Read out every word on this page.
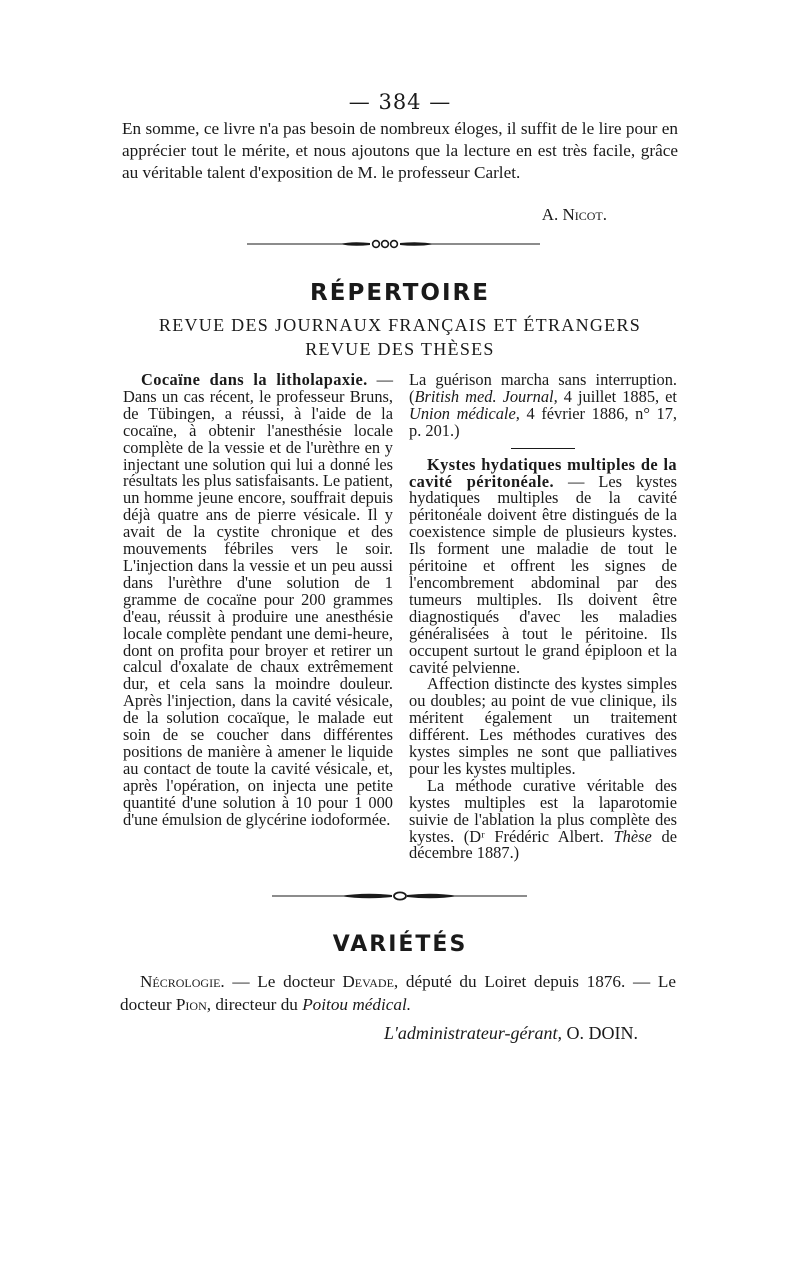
— 384 —

En somme, ce livre n'a pas besoin de nombreux éloges, il suffit de le lire pour en apprécier tout le mérite, et nous ajoutons que la lecture en est très facile, grâce au véritable talent d'exposition de M. le professeur Carlet.

A. Nicot.
RÉPERTOIRE

REVUE DES JOURNAUX FRANÇAIS ET ÉTRANGERS

REVUE DES THÈSES

Cocaïne dans la litholapaxie. — Dans un cas récent, le professeur Bruns, de Tübingen, a réussi, à l'aide de la cocaïne, à obtenir l'anesthésie locale complète de la vessie et de l'urèthre en y injectant une solution qui lui a donné les résultats les plus satisfaisants. Le patient, un homme jeune encore, souffrait depuis déjà quatre ans de pierre vésicale. Il y avait de la cystite chronique et des mouvements fébriles vers le soir. L'injection dans la vessie et un peu aussi dans l'urèthre d'une solution de 1 gramme de cocaïne pour 200 grammes d'eau, réussit à produire une anesthésie locale complète pendant une demi-heure, dont on profita pour broyer et retirer un calcul d'oxalate de chaux extrêmement dur, et cela sans la moindre douleur. Après l'injection, dans la cavité vésicale, de la solution cocaïque, le malade eut soin de se coucher dans différentes positions de manière à amener le liquide au contact de toute la cavité vésicale, et, après l'opération, on injecta une petite quantité d'une solution à 10 pour 1 000 d'une émulsion de glycérine iodoformée.

La guérison marcha sans interruption. (British med. Journal, 4 juillet 1885, et Union médicale, 4 février 1886, n° 17, p. 201.)

Kystes hydatiques multiples de la cavité péritonéale. — Les kystes hydatiques multiples de la cavité péritonéale doivent être distingués de la coexistence simple de plusieurs kystes. Ils forment une maladie de tout le péritoine et offrent les signes de l'encombrement abdominal par des tumeurs multiples. Ils doivent être diagnostiqués d'avec les maladies généralisées à tout le péritoine. Ils occupent surtout le grand épiploon et la cavité pelvienne.

Affection distincte des kystes simples ou doubles; au point de vue clinique, ils méritent également un traitement différent. Les méthodes curatives des kystes simples ne sont que palliatives pour les kystes multiples.

La méthode curative véritable des kystes multiples est la laparotomie suivie de l'ablation la plus complète des kystes. (Dʳ Frédéric Albert. Thèse de décembre 1887.)

VARIÉTÉS

Nécrologie. — Le docteur Devade, député du Loiret depuis 1876. — Le docteur Pion, directeur du Poitou médical.

L'administrateur-gérant, O. DOIN.
